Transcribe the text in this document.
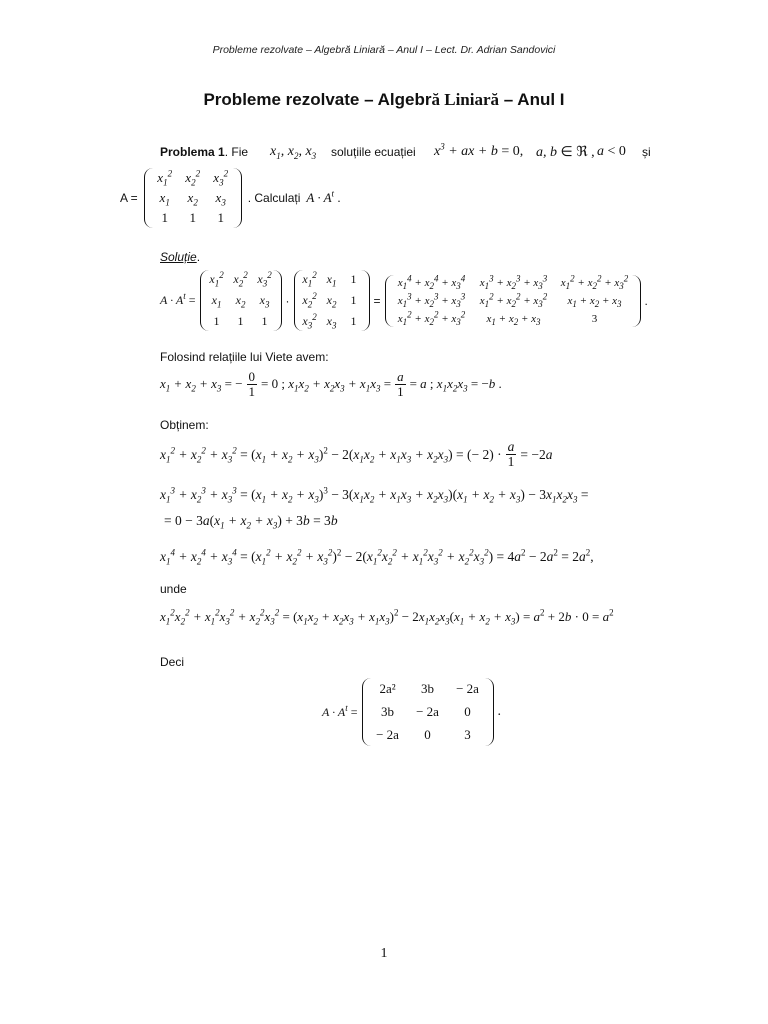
Probleme rezolvate – Algebră Liniară – Anul I – Lect. Dr. Adrian Sandovici
Probleme rezolvate – Algebră Liniară – Anul I
Problema 1. Fie $x_1$, $x_2$, $x_3$ soluțiile ecuației $x^3$ + ax + b = 0, a, b ∈ ℜ , a < 0 și
A =
$x_1^2$ $x_2^2$ $x_3^2$
$x_1$ $x_2$ $x_3$
1 1 1
. Calculați $A \cdot A^t$ .
Soluție.
$A \cdot A^t$ =
$x_1^2$ $x_2^2$ $x_3^2$
$x_1$ $x_2$ $x_3$
1 1 1
·
$x_1^2$ $x_1$ 1
$x_2^2$ $x_2$ 1
$x_3^2$ $x_3$ 1
=
$x_1^4 + x_2^4 + x_3^4$ $x_1^3 + x_2^3 + x_3^3$ $x_1^2 + x_2^2 + x_3^2$
$x_1^3 + x_2^3 + x_3^3$ $x_1^2 + x_2^2 + x_3^2$ $x_1 + x_2 + x_3$
$x_1^2 + x_2^2 + x_3^2$ $x_1 + x_2 + x_3$	3
.
Folosind relațiile lui Viete avem:
$x_1 + x_2 + x_3$ = − $\frac{0}{1} = 0$ ; $x_1x_2 + x_2x_3 + x_1x_3 = \frac{a}{1} = a$ ; $x_1x_2x_3 = -b$ .
Obținem:
$x_1^2 + x_2^2 + x_3^2 = (x_1 + x_2 + x_3)^2 - 2(x_1x_2 + x_1x_3 + x_2x_3)$ = (− $2) \cdot \frac{a}{1} = -2a$
$x_1^3 + x_2^3 + x_3^3 = (x_1 + x_2 + x_3)^3 - 3(x_1x_2 + x_1x_3 + x_2x_3)(x_1 + x_2 + x_3) - 3x_1x_2x_3$ =
= $0 - 3a(x_1 + x_2 + x_3) + 3b = 3b$
$x_1^4 + x_2^4 + x_3^4 = (x_1^2 + x_2^2 + x_3^2)^2 - 2(x_1^2x_2^2 + x_1^2x_3^2 + x_2^2x_3^2) = 4a^2 - 2a^2 = 2a^2$,
unde
$x_1^2x_2^2 + x_1^2x_3^2 + x_2^2x_3^2 = (x_1x_2 + x_2x_3 + x_1x_3)^2 - 2x_1x_2x_3(x_1 + x_2 + x_3) = a^2 + 2b \cdot 0 = a^2$
Deci
$A \cdot A^t$ =
2a² 3b − 2a
3b − 2a 0
− 2a 0	3
.
1
